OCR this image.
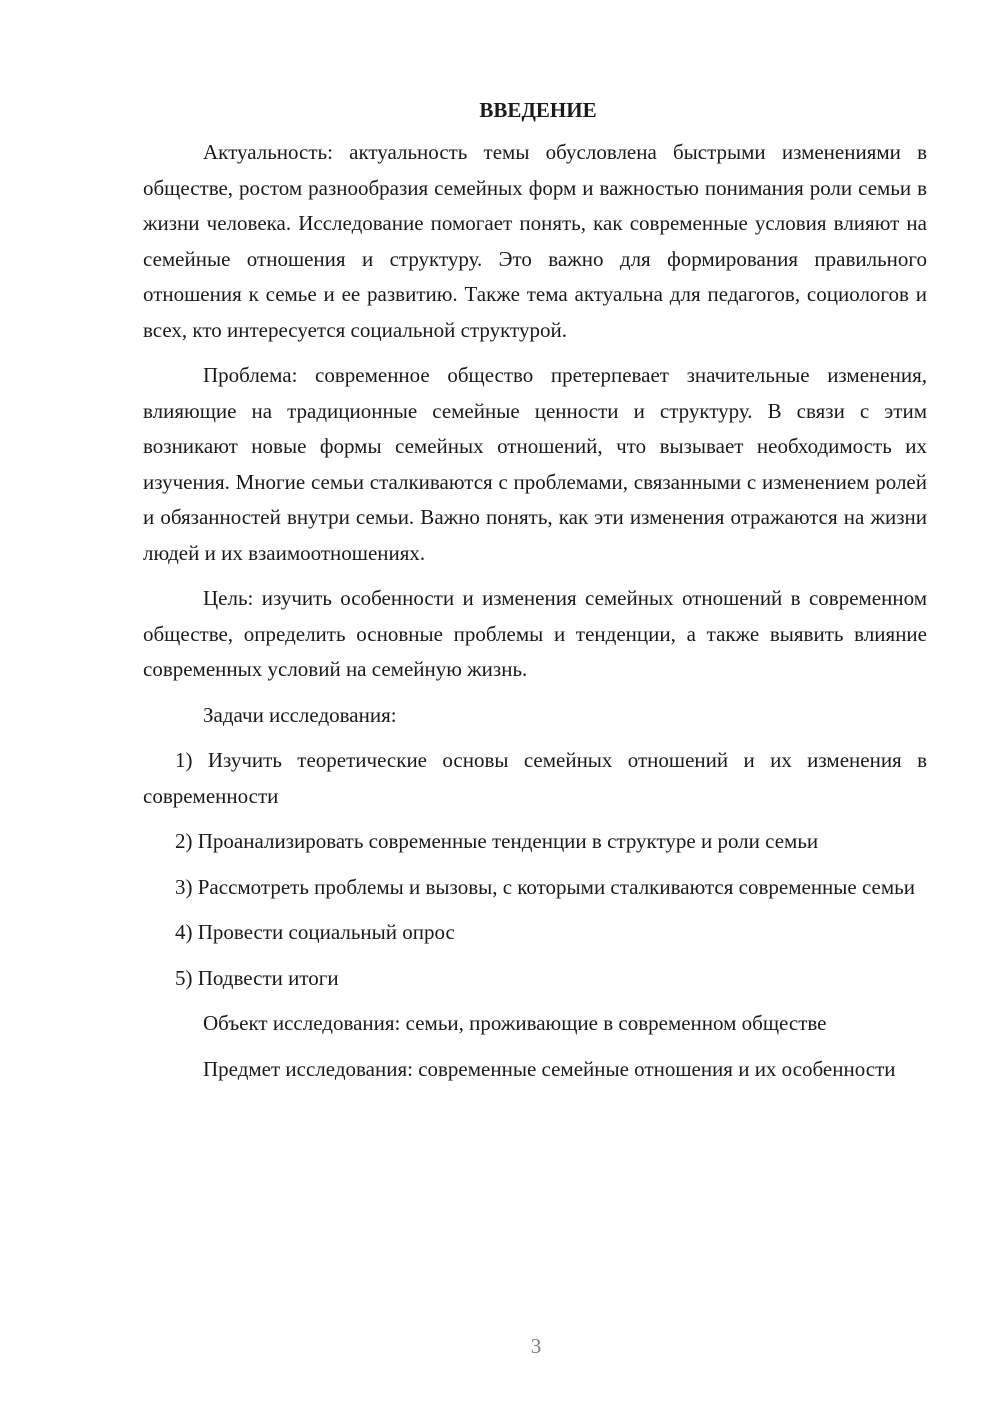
ВВЕДЕНИЕ

Актуальность: актуальность темы обусловлена быстрыми изменениями в обществе, ростом разнообразия семейных форм и важностью понимания роли семьи в жизни человека. Исследование помогает понять, как современные условия влияют на семейные отношения и структуру. Это важно для формирования правильного отношения к семье и ее развитию. Также тема актуальна для педагогов, социологов и всех, кто интересуется социальной структурой.

Проблема: современное общество претерпевает значительные изменения, влияющие на традиционные семейные ценности и структуру. В связи с этим возникают новые формы семейных отношений, что вызывает необходимость их изучения. Многие семьи сталкиваются с проблемами, связанными с изменением ролей и обязанностей внутри семьи. Важно понять, как эти изменения отражаются на жизни людей и их взаимоотношениях.

Цель: изучить особенности и изменения семейных отношений в современном обществе, определить основные проблемы и тенденции, а также выявить влияние современных условий на семейную жизнь.

Задачи исследования:

1) Изучить теоретические основы семейных отношений и их изменения в современности

2) Проанализировать современные тенденции в структуре и роли семьи

3) Рассмотреть проблемы и вызовы, с которыми сталкиваются современные семьи

4) Провести социальный опрос

5) Подвести итоги

Объект исследования: семьи, проживающие в современном обществе

Предмет исследования: современные семейные отношения и их особенности

3
